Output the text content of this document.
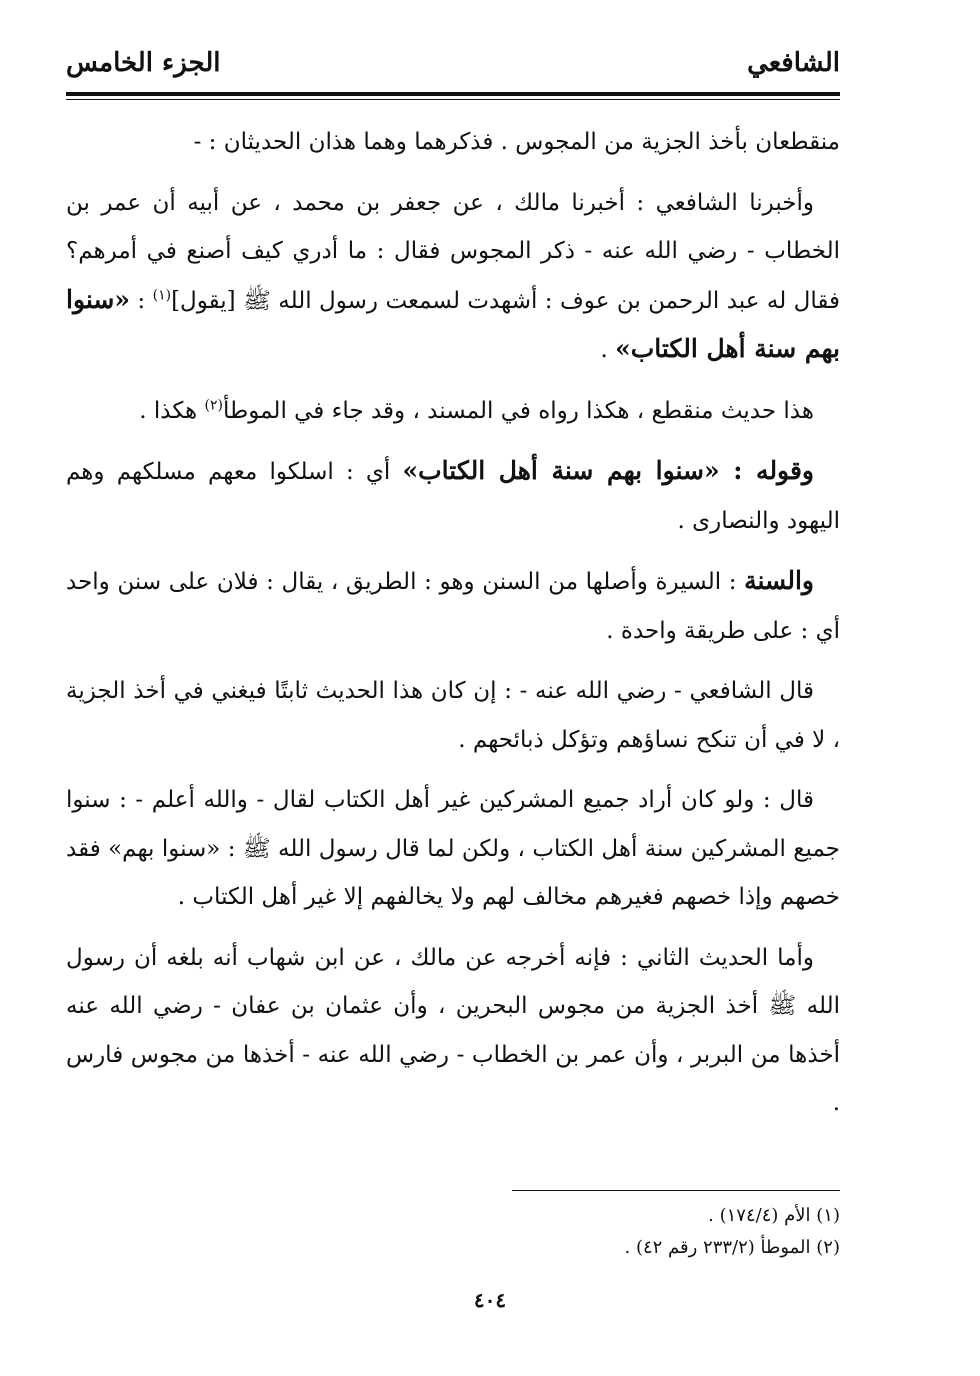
الشافعي
الجزء الخامس

منقطعان بأخذ الجزية من المجوس . فذكرهما وهما هذان الحديثان : -

وأخبرنا الشافعي : أخبرنا مالك ، عن جعفر بن محمد ، عن أبيه أن عمر بن الخطاب - رضي الله عنه - ذكر المجوس فقال : ما أدري كيف أصنع في أمرهم؟ فقال له عبد الرحمن بن عوف : أشهدت لسمعت رسول الله ﷺ [يقول]$^{(١)}$ : «سنوا بهم سنة أهل الكتاب» .

هذا حديث منقطع ، هكذا رواه في المسند ، وقد جاء في الموطأ$^{(٢)}$ هكذا .

وقوله : «سنوا بهم سنة أهل الكتاب» أي : اسلكوا معهم مسلكهم وهم اليهود والنصارى .

والسنة : السيرة وأصلها من السنن وهو : الطريق ، يقال : فلان على سنن واحد أي : على طريقة واحدة .

قال الشافعي - رضي الله عنه - : إن كان هذا الحديث ثابتًا فيغني في أخذ الجزية ، لا في أن تنكح نساؤهم وتؤكل ذبائحهم .

قال : ولو كان أراد جميع المشركين غير أهل الكتاب لقال - والله أعلم - : سنوا جميع المشركين سنة أهل الكتاب ، ولكن لما قال رسول الله ﷺ : «سنوا بهم» فقد خصهم وإذا خصهم فغيرهم مخالف لهم ولا يخالفهم إلا غير أهل الكتاب .

وأما الحديث الثاني : فإنه أخرجه عن مالك ، عن ابن شهاب أنه بلغه أن رسول الله ﷺ أخذ الجزية من مجوس البحرين ، وأن عثمان بن عفان - رضي الله عنه أخذها من البربر ، وأن عمر بن الخطاب - رضي الله عنه - أخذها من مجوس فارس .

(١) الأم (١٧٤/٤) .
(٢) الموطأ (٢٣٣/٢ رقم ٤٢) .
٤٠٤
